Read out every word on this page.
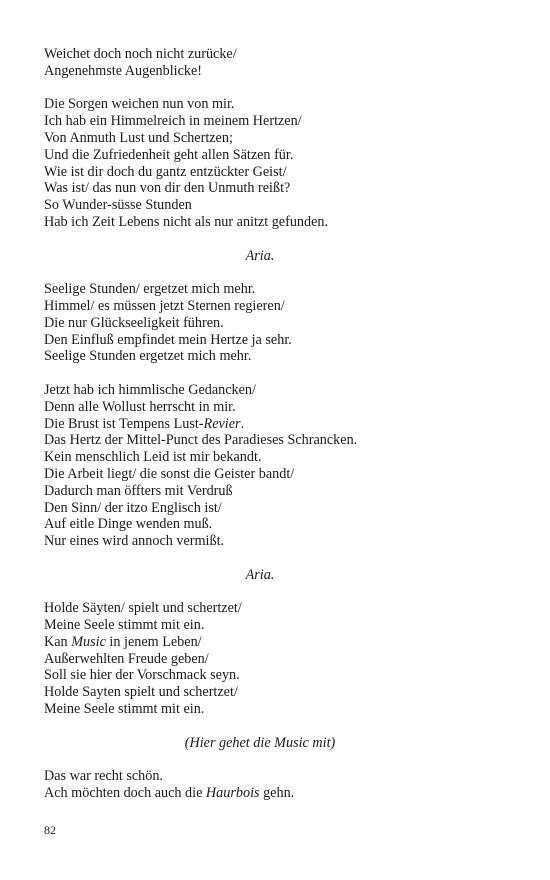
Weichet doch noch nicht zurücke/
Angenehmste Augenblicke!
Die Sorgen weichen nun von mir.
Ich hab ein Himmelreich in meinem Hertzen/
Von Anmuth Lust und Schertzen;
Und die Zufriedenheit geht allen Sätzen für.
Wie ist dir doch du gantz entzückter Geist/
Was ist/ das nun von dir den Unmuth reißt?
So Wunder-süsse Stunden
Hab ich Zeit Lebens nicht als nur anitzt gefunden.
Aria.
Seelige Stunden/ ergetzet mich mehr.
Himmel/ es müssen jetzt Sternen regieren/
Die nur Glückseeligkeit führen.
Den Einfluß empfindet mein Hertze ja sehr.
Seelige Stunden ergetzet mich mehr.
Jetzt hab ich himmlische Gedancken/
Denn alle Wollust herrscht in mir.
Die Brust ist Tempens Lust-Revier.
Das Hertz der Mittel-Punct des Paradieses Schrancken.
Kein menschlich Leid ist mir bekandt.
Die Arbeit liegt/ die sonst die Geister bandt/
Dadurch man öffters mit Verdruß
Den Sinn/ der itzo Englisch ist/
Auf eitle Dinge wenden muß.
Nur eines wird annoch vermißt.
Aria.
Holde Säyten/ spielt und schertzet/
Meine Seele stimmt mit ein.
Kan Music in jenem Leben/
Außerwehlten Freude geben/
Soll sie hier der Vorschmack seyn.
Holde Sayten spielt und schertzet/
Meine Seele stimmt mit ein.
(Hier gehet die Music mit)
Das war recht schön.
Ach möchten doch auch die Haurbois gehn.
82
